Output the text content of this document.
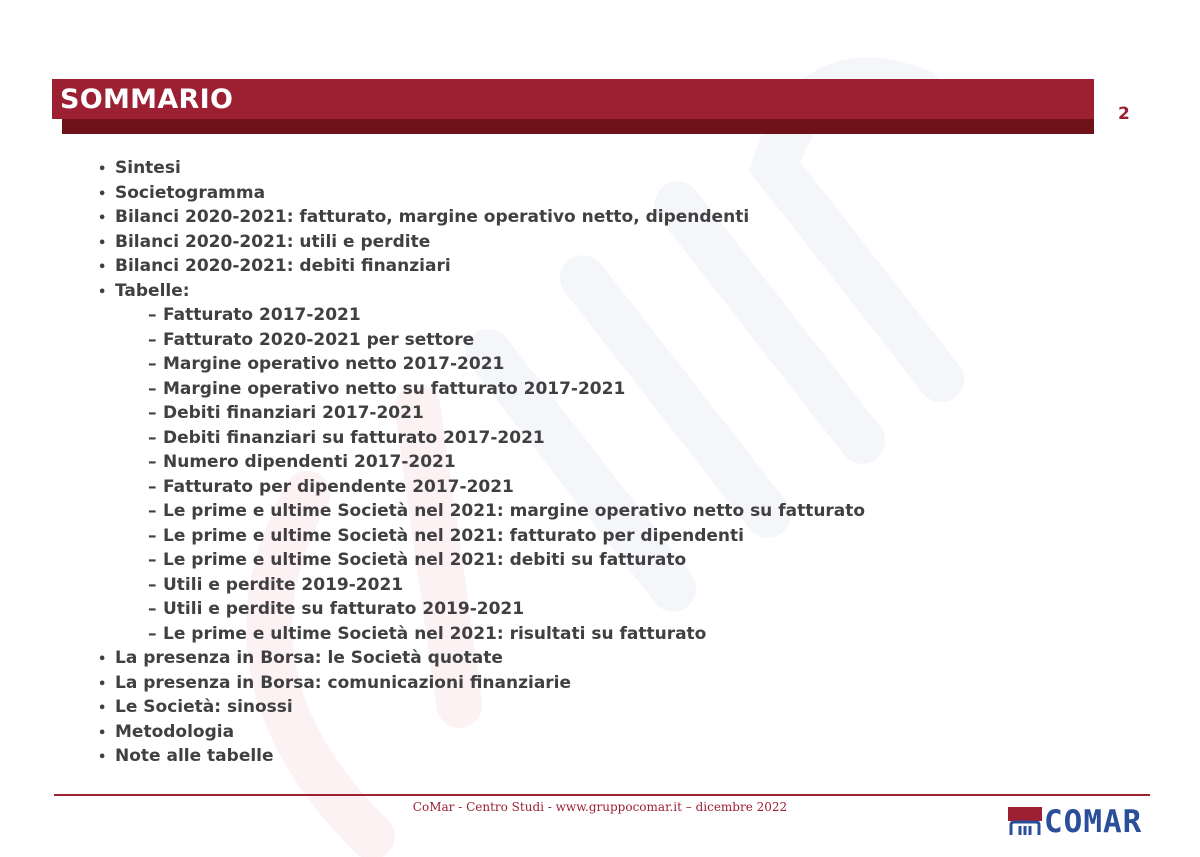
SOMMARIO	2
• Sintesi
• Societogramma
• Bilanci 2020-2021: fatturato, margine operativo netto, dipendenti
• Bilanci 2020-2021: utili e perdite
• Bilanci 2020-2021: debiti finanziari
• Tabelle:
– Fatturato 2017-2021
– Fatturato 2020-2021 per settore
– Margine operativo netto 2017-2021
– Margine operativo netto su fatturato 2017-2021
– Debiti finanziari 2017-2021
– Debiti finanziari su fatturato 2017-2021
– Numero dipendenti 2017-2021
– Fatturato per dipendente 2017-2021
– Le prime e ultime Società nel 2021: margine operativo netto su fatturato
– Le prime e ultime Società nel 2021: fatturato per dipendenti
– Le prime e ultime Società nel 2021: debiti su fatturato
– Utili e perdite 2019-2021
– Utili e perdite su fatturato 2019-2021
– Le prime e ultime Società nel 2021: risultati su fatturato
• La presenza in Borsa: le Società quotate
• La presenza in Borsa: comunicazioni finanziarie
• Le Società: sinossi
• Metodologia
• Note alle tabelle
CoMar - Centro Studi - www.gruppocomar.it – dicembre 2022	COMAR
